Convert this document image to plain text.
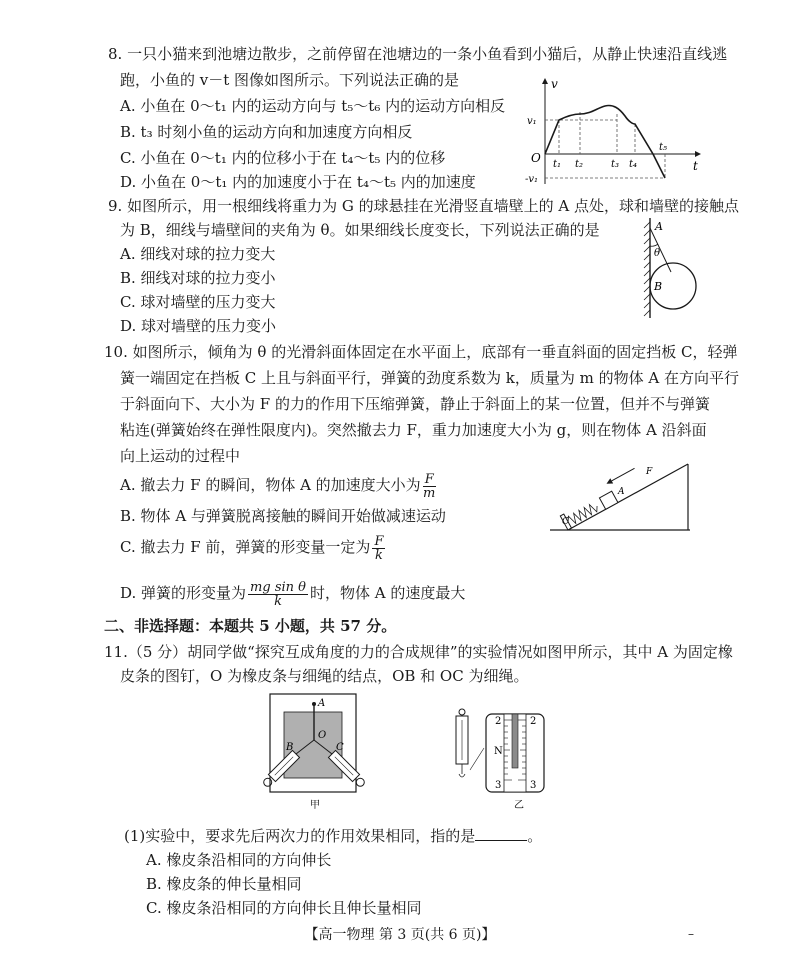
8. 一只小猫来到池塘边散步，之前停留在池塘边的一条小鱼看到小猫后，从静止快速沿直线逃
跑，小鱼的 v－t 图像如图所示。下列说法正确的是
A. 小鱼在 0～t₁ 内的运动方向与 t₅～t₆ 内的运动方向相反
B. t₃ 时刻小鱼的运动方向和加速度方向相反
C. 小鱼在 0～t₁ 内的位移小于在 t₄～t₅ 内的位移
D. 小鱼在 0～t₁ 内的加速度小于在 t₄～t₅ 内的加速度
v
t
O
v₁
-v₁
t₁ t₂	t₃ t₄
t₅
9. 如图所示，用一根细线将重力为 G 的球悬挂在光滑竖直墙壁上的 A 点处，球和墙壁的接触点
为 B，细线与墙壁间的夹角为 θ。如果细线长度变长，下列说法正确的是
A. 细线对球的拉力变大
B. 细线对球的拉力变小
C. 球对墙壁的压力变大
D. 球对墙壁的压力变小
A
θ
B
10. 如图所示，倾角为 θ 的光滑斜面体固定在水平面上，底部有一垂直斜面的固定挡板 C，轻弹
簧一端固定在挡板 C 上且与斜面平行，弹簧的劲度系数为 k，质量为 m 的物体 A 在方向平行
于斜面向下、大小为 F 的力的作用下压缩弹簧，静止于斜面上的某一位置，但并不与弹簧
粘连(弹簧始终在弹性限度内)。突然撤去力 F，重力加速度大小为 g，则在物体 A 沿斜面
向上运动的过程中
A. 撤去力 F 的瞬间，物体 A 的加速度大小为 $\frac{F}{m}$
B. 物体 A 与弹簧脱离接触的瞬间开始做减速运动
C. 撤去力 F 前，弹簧的形变量一定为 $\frac{F}{k}$
D. 弹簧的形变量为 $\frac{\text{mg sin θ}}{k}$ 时，物体 A 的速度最大
C
A
F
二、非选择题：本题共 5 小题，共 57 分。
11.（5 分）胡同学做“探究互成角度的力的合成规律”的实验情况如图甲所示，其中 A 为固定橡
皮条的图钉，O 为橡皮条与细绳的结点，OB 和 OC 为细绳。
A
O
B	C
甲
2	2
N
3	3
乙
(1)实验中，要求先后两次力的作用效果相同，指的是	。
A. 橡皮条沿相同的方向伸长
B. 橡皮条的伸长量相同
C. 橡皮条沿相同的方向伸长且伸长量相同
【高一物理 第 3 页(共 6 页)】	–
